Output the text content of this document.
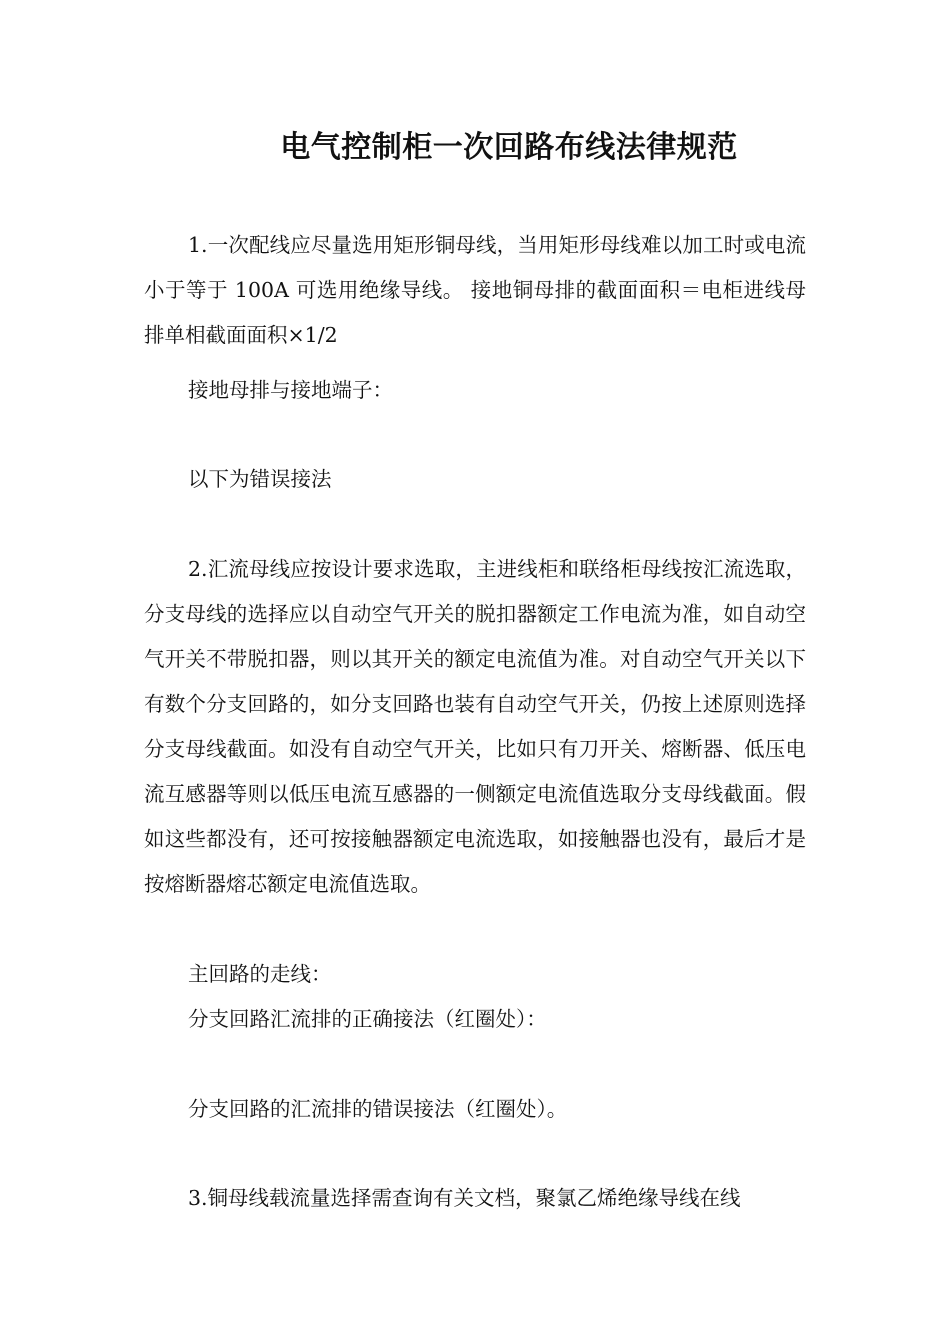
电气控制柜一次回路布线法律规范
1.一次配线应尽量选用矩形铜母线，当用矩形母线难以加工时或电流小于等于 100A 可选用绝缘导线。 接地铜母排的截面面积＝电柜进线母排单相截面面积×1/2
接地母排与接地端子：
以下为错误接法
2.汇流母线应按设计要求选取，主进线柜和联络柜母线按汇流选取，分支母线的选择应以自动空气开关的脱扣器额定工作电流为准，如自动空气开关不带脱扣器，则以其开关的额定电流值为准。对自动空气开关以下有数个分支回路的，如分支回路也装有自动空气开关，仍按上述原则选择分支母线截面。如没有自动空气开关，比如只有刀开关、熔断器、低压电流互感器等则以低压电流互感器的一侧额定电流值选取分支母线截面。假如这些都没有，还可按接触器额定电流选取，如接触器也没有，最后才是按熔断器熔芯额定电流值选取。
主回路的走线：
分支回路汇流排的正确接法（红圈处）：
分支回路的汇流排的错误接法（红圈处）。
3.铜母线载流量选择需查询有关文档，聚氯乙烯绝缘导线在线
